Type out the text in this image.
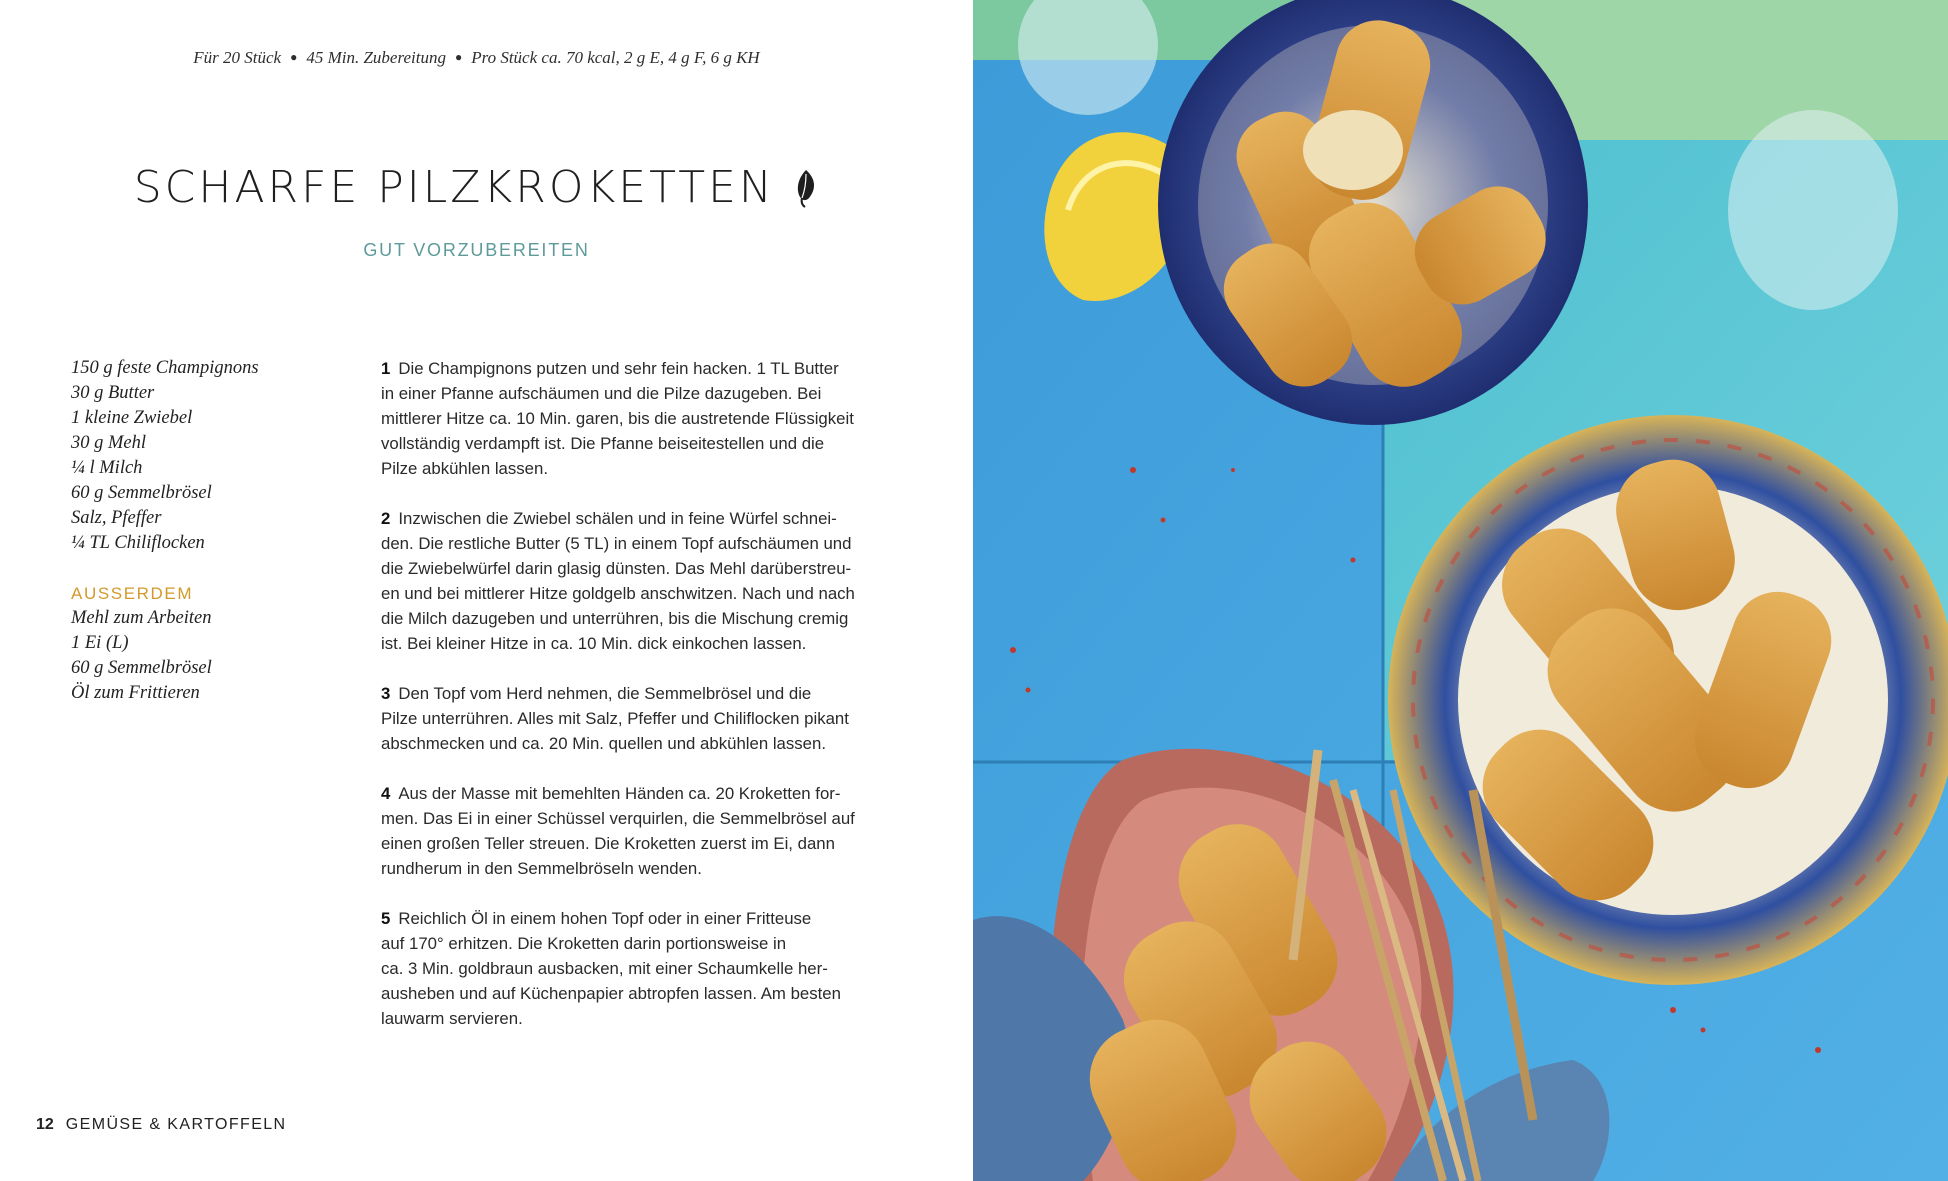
Für 20 Stück ● 45 Min. Zubereitung ● Pro Stück ca. 70 kcal, 2 g E, 4 g F, 6 g KH
SCHARFE PILZKROKETTEN
GUT VORZUBEREITEN
150 g feste Champignons
30 g Butter
1 kleine Zwiebel
30 g Mehl
¼ l Milch
60 g Semmelbrösel
Salz, Pfeffer
¼ TL Chiliflocken
AUSSERDEM
Mehl zum Arbeiten
1 Ei (L)
60 g Semmelbrösel
Öl zum Frittieren
1 Die Champignons putzen und sehr fein hacken. 1 TL Butter
in einer Pfanne aufschäumen und die Pilze dazugeben. Bei
mittlerer Hitze ca. 10 Min. garen, bis die austretende Flüssigkeit
vollständig verdampft ist. Die Pfanne beiseitestellen und die
Pilze abkühlen lassen.
2 Inzwischen die Zwiebel schälen und in feine Würfel schnei-
den. Die restliche Butter (5 TL) in einem Topf aufschäumen und
die Zwiebelwürfel darin glasig dünsten. Das Mehl darüberstreu-
en und bei mittlerer Hitze goldgelb anschwitzen. Nach und nach
die Milch dazugeben und unterrühren, bis die Mischung cremig
ist. Bei kleiner Hitze in ca. 10 Min. dick einkochen lassen.
3 Den Topf vom Herd nehmen, die Semmelbrösel und die
Pilze unterrühren. Alles mit Salz, Pfeffer und Chiliflocken pikant
abschmecken und ca. 20 Min. quellen und abkühlen lassen.
4 Aus der Masse mit bemehlten Händen ca. 20 Kroketten for-
men. Das Ei in einer Schüssel verquirlen, die Semmelbrösel auf
einen großen Teller streuen. Die Kroketten zuerst im Ei, dann
rundherum in den Semmelbröseln wenden.
5 Reichlich Öl in einem hohen Topf oder in einer Fritteuse
auf 170° erhitzen. Die Kroketten darin portionsweise in
ca. 3 Min. goldbraun ausbacken, mit einer Schaumkelle her-
ausheben und auf Küchenpapier abtropfen lassen. Am besten
lauwarm servieren.
12 GEMÜSE & KARTOFFELN
